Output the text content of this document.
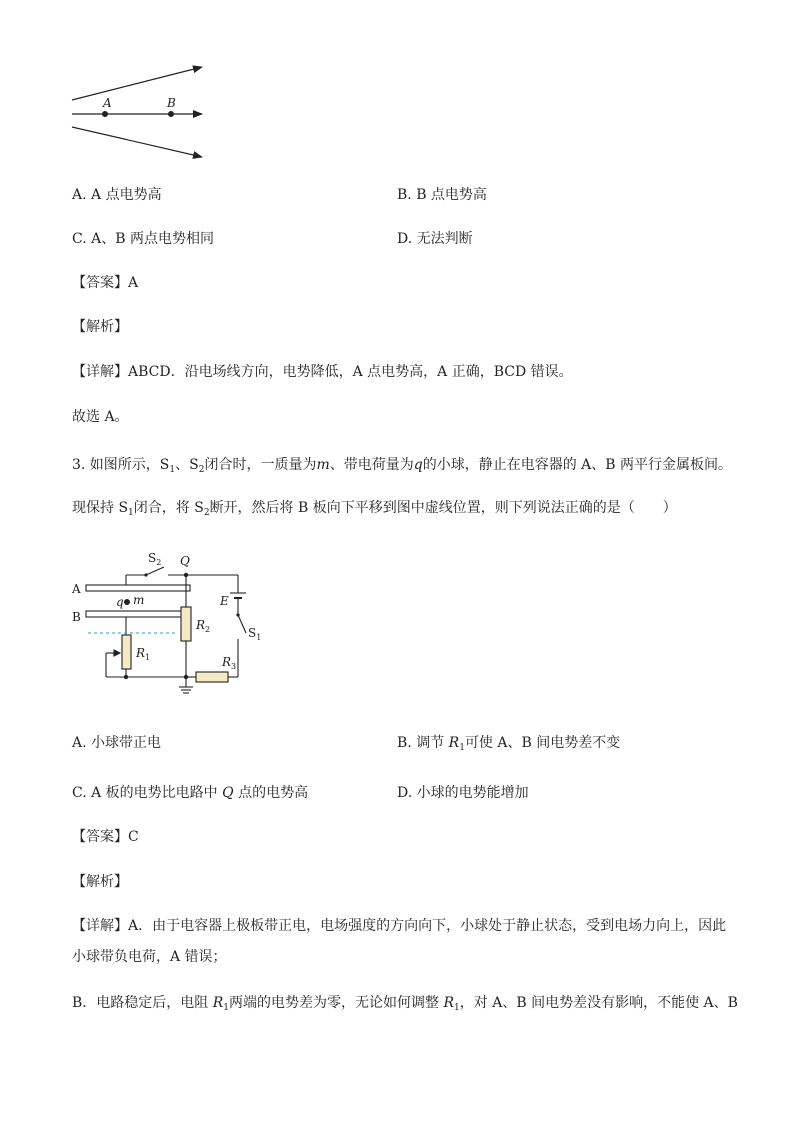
A	B
A. A 点电势高	B. B 点电势高
C. A、B 两点电势相同	D. 无法判断
【答案】A
【解析】
【详解】ABCD．沿电场线方向，电势降低，A 点电势高，A 正确，BCD 错误。
故选 A。
3. 如图所示，$S_1$、$S_2$闭合时，一质量为m、带电荷量为q的小球，静止在电容器的 A、B 两平行金属板间。
现保持 $S_1$闭合，将 $S_2$断开，然后将 B 板向下平移到图中虚线位置，则下列说法正确的是（　　）
$S_2$ Q
A
B
q m	E
$S_1$
$R_1$
$R_2$
$R_3$
A. 小球带正电	B. 调节 $R_1$可使 A、B 间电势差不变
C. A 板的电势比电路中 Q 点的电势高	D. 小球的电势能增加
【答案】C
【解析】
【详解】A．由于电容器上极板带正电，电场强度的方向向下，小球处于静止状态，受到电场力向上，因此
小球带负电荷，A 错误；
B．电路稳定后，电阻 $R_1$两端的电势差为零，无论如何调整 $R_1$，对 A、B 间电势差没有影响，不能使 A、B
